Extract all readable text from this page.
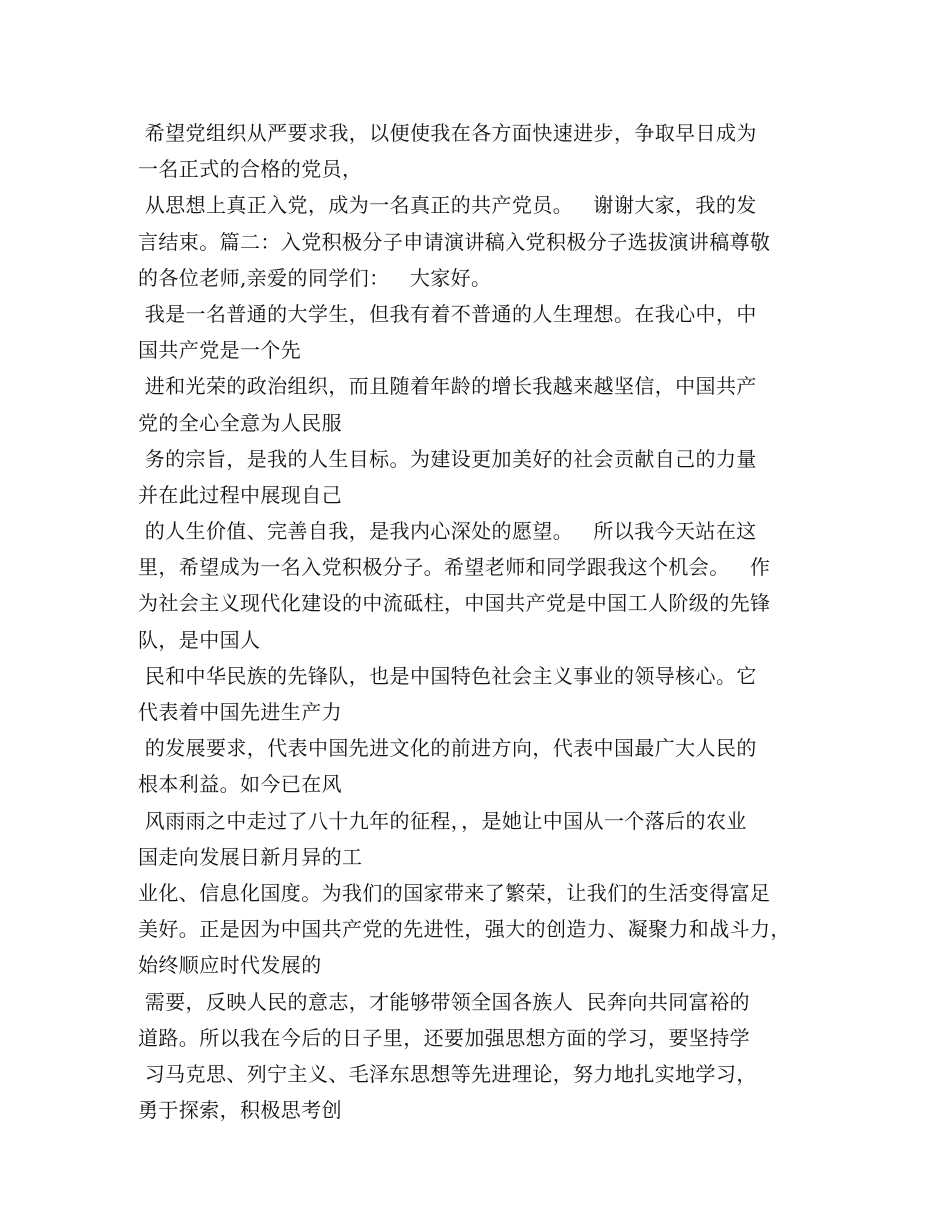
希望党组织从严要求我，以便使我在各方面快速进步，争取早日成为
一名正式的合格的党员，
从思想上真正入党，成为一名真正的共产党员。   谢谢大家，我的发
言结束。篇二：入党积极分子申请演讲稿入党积极分子选拔演讲稿尊敬
的各位老师,亲爱的同学们：   大家好。
我是一名普通的大学生，但我有着不普通的人生理想。在我心中，中
国共产党是一个先
进和光荣的政治组织，而且随着年龄的增长我越来越坚信，中国共产
党的全心全意为人民服
务的宗旨，是我的人生目标。为建设更加美好的社会贡献自己的力量
并在此过程中展现自己
的人生价值、完善自我，是我内心深处的愿望。   所以我今天站在这
里，希望成为一名入党积极分子。希望老师和同学跟我这个机会。   作
为社会主义现代化建设的中流砥柱，中国共产党是中国工人阶级的先锋
队，是中国人
民和中华民族的先锋队，也是中国特色社会主义事业的领导核心。它
代表着中国先进生产力
的发展要求，代表中国先进文化的前进方向，代表中国最广大人民的
根本利益。如今已在风
风雨雨之中走过了八十九年的征程，，是她让中国从一个落后的农业
国走向发展日新月异的工
业化、信息化国度。为我们的国家带来了繁荣，让我们的生活变得富足
美好。正是因为中国共产党的先进性，强大的创造力、凝聚力和战斗力，
始终顺应时代发展的
需要，反映人民的意志，才能够带领全国各族人  民奔向共同富裕的
道路。所以我在今后的日子里，还要加强思想方面的学习，要坚持学
习马克思、列宁主义、毛泽东思想等先进理论，努力地扎实地学习，
勇于探索，积极思考创
